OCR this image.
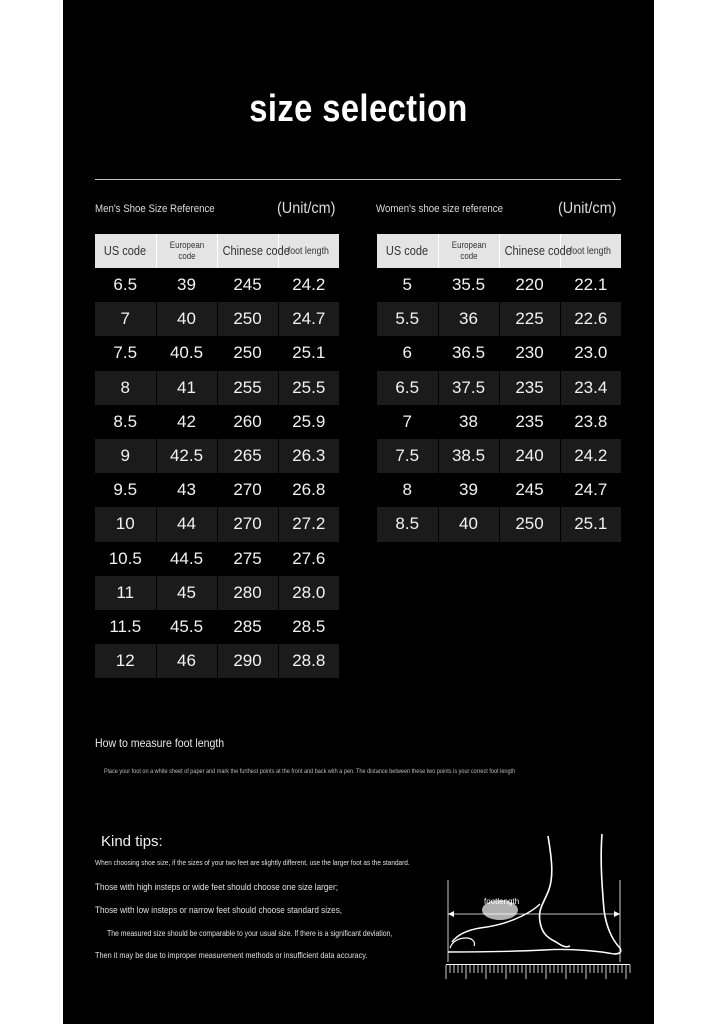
size selection
Men's Shoe Size Reference	(Unit/cm)	Women's shoe size reference	(Unit/cm)
US code	European code	Chinese code	foot length
6.5	39	245	24.2
7	40	250	24.7
7.5	40.5	250	25.1
8	41	255	25.5
8.5	42	260	25.9
9	42.5	265	26.3
9.5	43	270	26.8
10	44	270	27.2
10.5	44.5	275	27.6
11	45	280	28.0
11.5	45.5	285	28.5
12	46	290	28.8
US code	European code	Chinese code	foot length
5	35.5	220	22.1
5.5	36	225	22.6
6	36.5	230	23.0
6.5	37.5	235	23.4
7	38	235	23.8
7.5	38.5	240	24.2
8	39	245	24.7
8.5	40	250	25.1
How to measure foot length
Place your foot on a white sheet of paper and mark the furthest points at the front and back with a pen. The distance between these two points is your correct foot length
Kind tips:
When choosing shoe size, if the sizes of your two feet are slightly different, use the larger foot as the standard.
Those with high insteps or wide feet should choose one size larger;
Those with low insteps or narrow feet should choose standard sizes,
The measured size should be comparable to your usual size. If there is a significant deviation,
Then it may be due to improper measurement methods or insufficient data accuracy.
footlength
